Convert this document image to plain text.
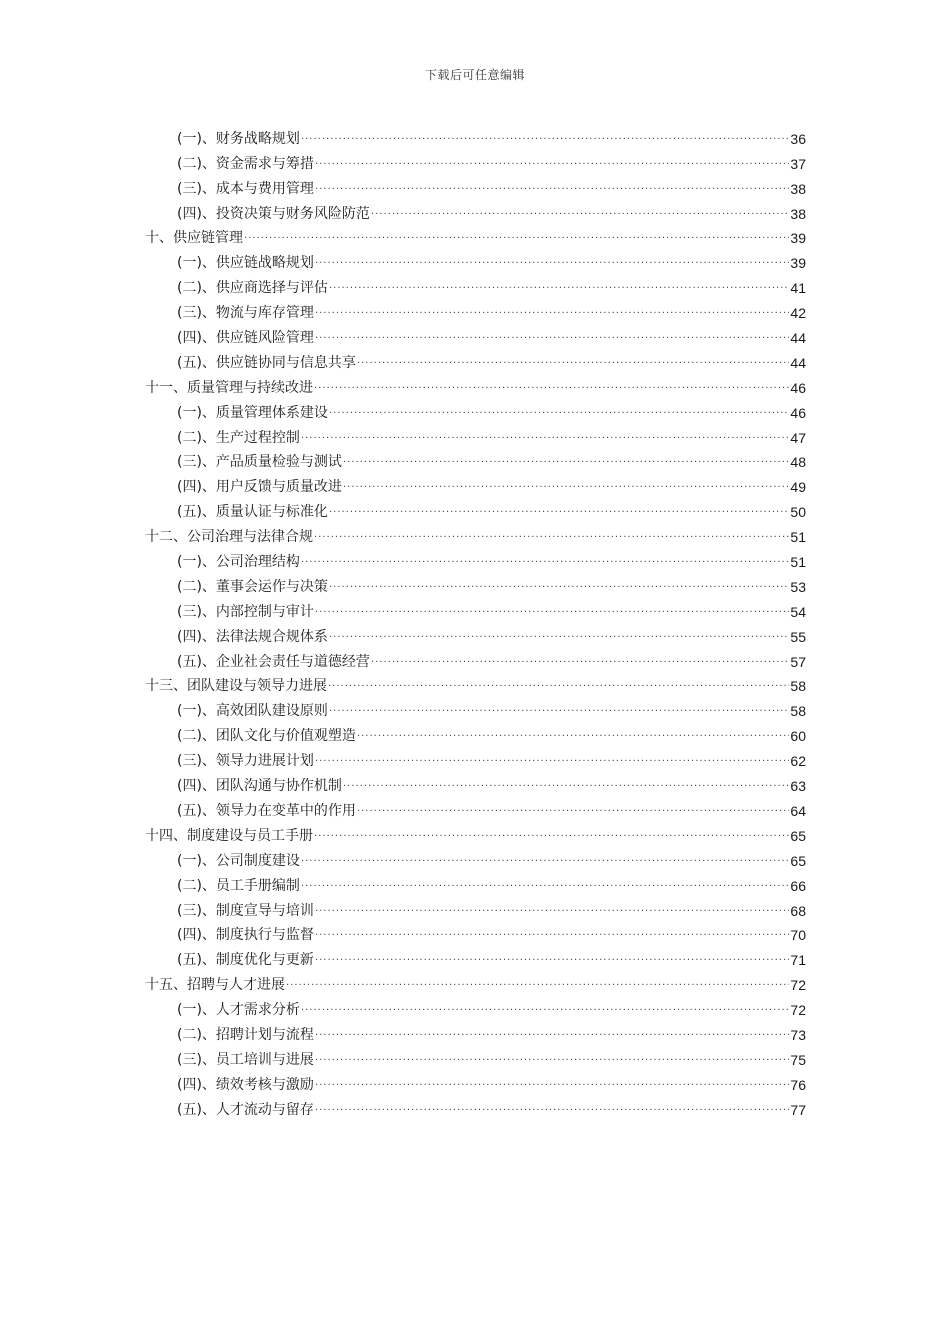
下载后可任意编辑
(一)、财务战略规划 .....	36
(二)、资金需求与筹措 .....	37
(三)、成本与费用管理 .....	38
(四)、投资决策与财务风险防范 .....	38
十、供应链管理 .....	39
(一)、供应链战略规划 .....	39
(二)、供应商选择与评估 .....	41
(三)、物流与库存管理 .....	42
(四)、供应链风险管理 .....	44
(五)、供应链协同与信息共享 .....	44
十一、质量管理与持续改进 .....	46
(一)、质量管理体系建设 .....	46
(二)、生产过程控制 .....	47
(三)、产品质量检验与测试 .....	48
(四)、用户反馈与质量改进 .....	49
(五)、质量认证与标准化 .....	50
十二、公司治理与法律合规 .....	51
(一)、公司治理结构 .....	51
(二)、董事会运作与决策 .....	53
(三)、内部控制与审计 .....	54
(四)、法律法规合规体系 .....	55
(五)、企业社会责任与道德经营 .....	57
十三、团队建设与领导力进展 .....	58
(一)、高效团队建设原则 .....	58
(二)、团队文化与价值观塑造 .....	60
(三)、领导力进展计划 .....	62
(四)、团队沟通与协作机制 .....	63
(五)、领导力在变革中的作用 .....	64
十四、制度建设与员工手册 .....	65
(一)、公司制度建设 .....	65
(二)、员工手册编制 .....	66
(三)、制度宣导与培训 .....	68
(四)、制度执行与监督 .....	70
(五)、制度优化与更新 .....	71
十五、招聘与人才进展 .....	72
(一)、人才需求分析 .....	72
(二)、招聘计划与流程 .....	73
(三)、员工培训与进展 .....	75
(四)、绩效考核与激励 .....	76
(五)、人才流动与留存 .....	77
